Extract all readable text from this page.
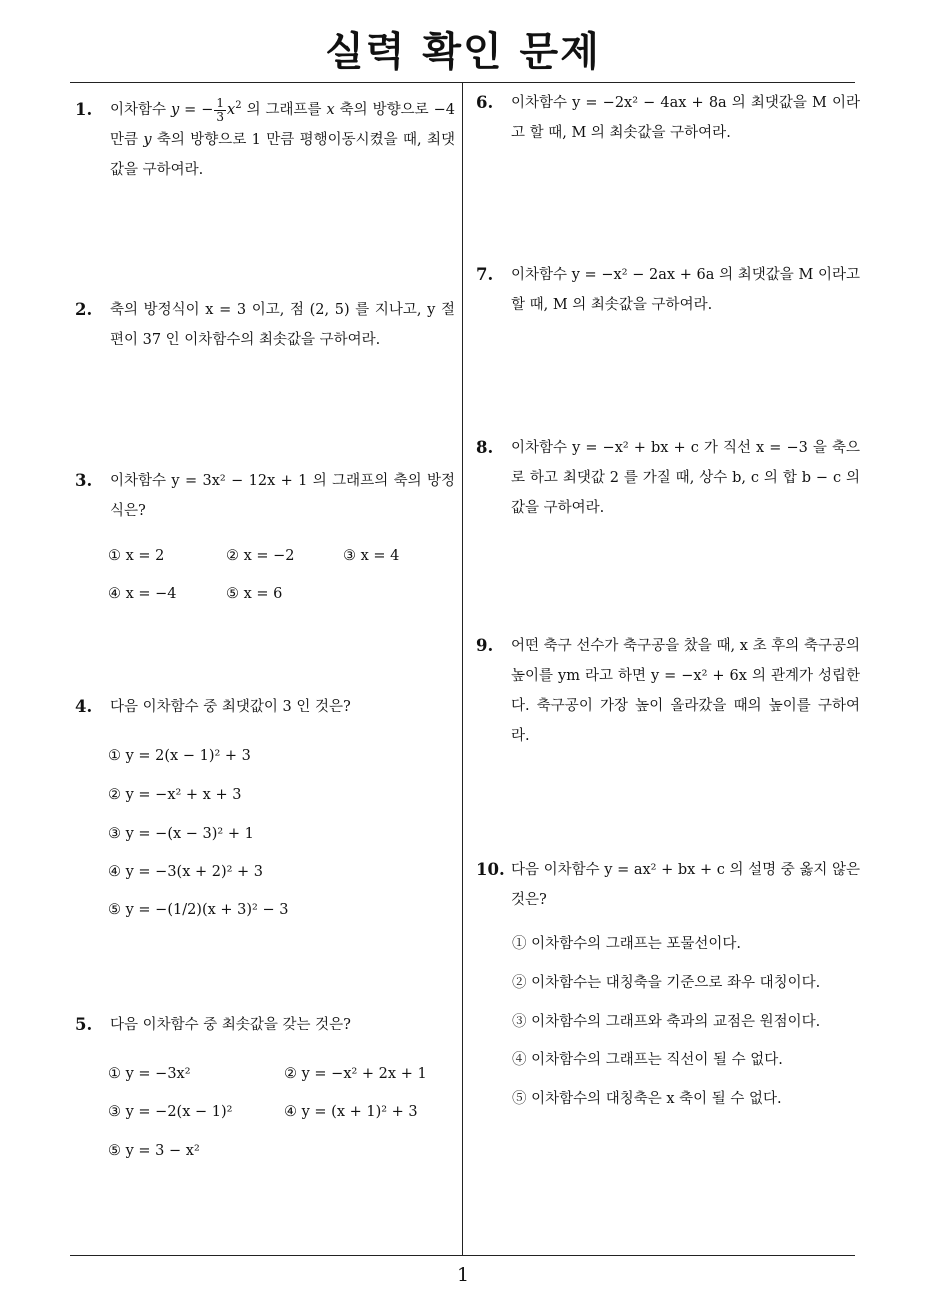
실력 확인 문제
1
1. 이차함수 y = − $\frac{1}{3} x^2$ 의 그래프를 x 축의 방향으로 −4 만큼 y 축의 방향으로 1 만큼 평행이동시켰을 때, 최댓값을 구하여라.
2. 축의 방정식이 x = 3 이고, 점 (2, 5) 를 지나고, y 절편이 37 인 이차함수의 최솟값을 구하여라.
3. 이차함수 y = 3x² − 12x + 1 의 그래프의 축의 방정식은?
① x = 2	② x = −2	③ x = 4
④ x = −4	⑤ x = 6
4. 다음 이차함수 중 최댓값이 3 인 것은?
① y = 2(x − 1)² + 3
② y = −x² + x + 3
③ y = −(x − 3)² + 1
④ y = −3(x + 2)² + 3
⑤ y = −(1/2)(x + 3)² − 3
5. 다음 이차함수 중 최솟값을 갖는 것은?
① y = −3x²	② y = −x² + 2x + 1
③ y = −2(x − 1)²	④ y = (x + 1)² + 3
⑤ y = 3 − x²
6. 이차함수 y = −2x² − 4ax + 8a 의 최댓값을 M 이라고 할 때, M 의 최솟값을 구하여라.
7. 이차함수 y = −x² − 2ax + 6a 의 최댓값을 M 이라고 할 때, M 의 최솟값을 구하여라.
8. 이차함수 y = −x² + bx + c 가 직선 x = −3 을 축으로 하고 최댓값 2 를 가질 때, 상수 b, c 의 합 b − c 의 값을 구하여라.
9. 어떤 축구 선수가 축구공을 찼을 때, x 초 후의 축구공의 높이를 ym 라고 하면 y = −x² + 6x 의 관계가 성립한다. 축구공이 가장 높이 올라갔을 때의 높이를 구하여라.
10. 다음 이차함수 y = ax² + bx + c 의 설명 중 옳지 않은 것은?
① 이차함수의 그래프는 포물선이다.
② 이차함수는 대칭축을 기준으로 좌우 대칭이다.
③ 이차함수의 그래프와 축과의 교점은 원점이다.
④ 이차함수의 그래프는 직선이 될 수 없다.
⑤ 이차함수의 대칭축은 x 축이 될 수 없다.
